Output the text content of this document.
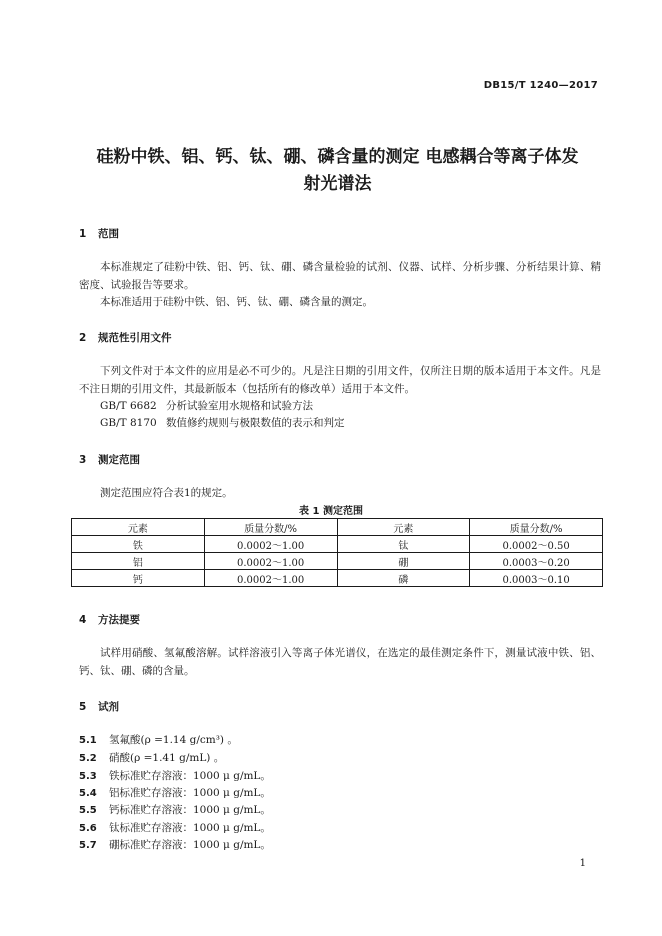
DB15/T 1240—2017
硅粉中铁、铝、钙、钛、硼、磷含量的测定 电感耦合等离子体发
射光谱法
1 范围
本标准规定了硅粉中铁、铝、钙、钛、硼、磷含量检验的试剂、仪器、试样、分析步骤、分析结果计算、精密度、试验报告等要求。
本标准适用于硅粉中铁、铝、钙、钛、硼、磷含量的测定。
2 规范性引用文件
下列文件对于本文件的应用是必不可少的。凡是注日期的引用文件，仅所注日期的版本适用于本文件。凡是不注日期的引用文件，其最新版本（包括所有的修改单）适用于本文件。
GB/T 6682 分析试验室用水规格和试验方法
GB/T 8170 数值修约规则与极限数值的表示和判定
3 测定范围
测定范围应符合表1的规定。
表 1 测定范围
元素	质量分数/%	元素	质量分数/%
铁	0.0002～1.00	钛	0.0002～0.50
铝	0.0002～1.00	硼	0.0003～0.20
钙	0.0002～1.00	磷	0.0003～0.10
4 方法提要
试样用硝酸、氢氟酸溶解。试样溶液引入等离子体光谱仪，在选定的最佳测定条件下，测量试液中铁、铝、钙、钛、硼、磷的含量。
5 试剂
5.1 氢氟酸(ρ =1.14 g/cm³) 。
5.2 硝酸(ρ =1.41 g/mL) 。
5.3 铁标准贮存溶液：1000 μ g/mL。
5.4 铝标准贮存溶液：1000 μ g/mL。
5.5 钙标准贮存溶液：1000 μ g/mL。
5.6 钛标准贮存溶液：1000 μ g/mL。
5.7 硼标准贮存溶液：1000 μ g/mL。
1
